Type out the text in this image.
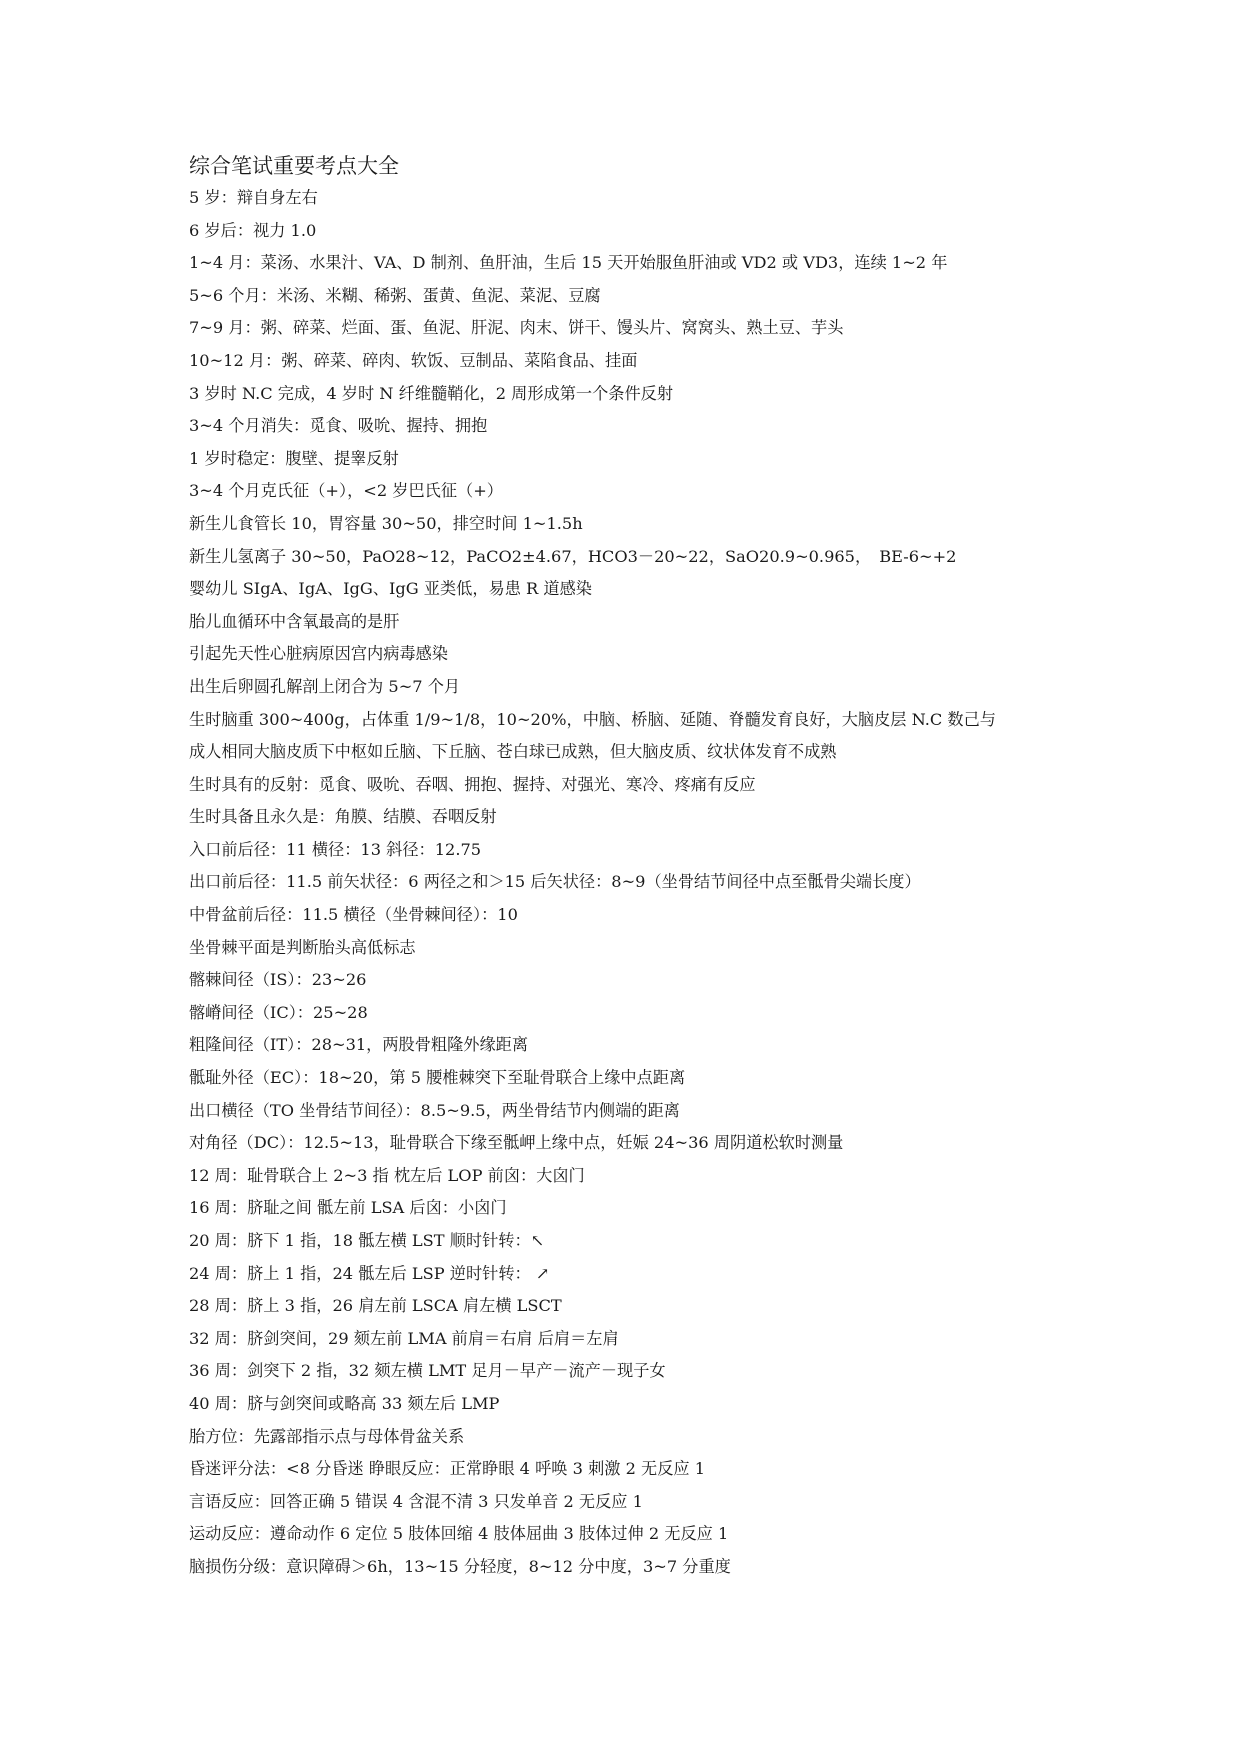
综合笔试重要考点大全
5 岁：辩自身左右
6 岁后：视力 1.0
1~4 月：菜汤、水果汁、VA、D 制剂、鱼肝油，生后 15 天开始服鱼肝油或 VD2 或 VD3，连续 1~2 年
5~6 个月：米汤、米糊、稀粥、蛋黄、鱼泥、菜泥、豆腐
7~9 月：粥、碎菜、烂面、蛋、鱼泥、肝泥、肉末、饼干、馒头片、窝窝头、熟土豆、芋头
10~12 月：粥、碎菜、碎肉、软饭、豆制品、菜陷食品、挂面
3 岁时 N.C 完成，4 岁时 N 纤维髓鞘化，2 周形成第一个条件反射
3~4 个月消失：觅食、吸吮、握持、拥抱
1 岁时稳定：腹壁、提睾反射
3~4 个月克氏征（+），<2 岁巴氏征（+）
新生儿食管长 10，胃容量 30~50，排空时间 1~1.5h
新生儿氢离子 30~50，PaO28~12，PaCO2±4.67，HCO3－20~22，SaO20.9~0.965，　BE-6~+2
婴幼儿 SIgA、IgA、IgG、IgG 亚类低，易患 R 道感染
胎儿血循环中含氧最高的是肝
引起先天性心脏病原因宫内病毒感染
出生后卵圆孔解剖上闭合为 5~7 个月
生时脑重 300~400g，占体重 1/9~1/8，10~20%，中脑、桥脑、延随、脊髓发育良好，大脑皮层 N.C 数己与
成人相同大脑皮质下中枢如丘脑、下丘脑、苍白球已成熟，但大脑皮质、纹状体发育不成熟
生时具有的反射：觅食、吸吮、吞咽、拥抱、握持、对强光、寒冷、疼痛有反应
生时具备且永久是：角膜、结膜、吞咽反射
入口前后径：11 横径：13 斜径：12.75
出口前后径：11.5 前矢状径：6 两径之和＞15 后矢状径：8~9（坐骨结节间径中点至骶骨尖端长度）
中骨盆前后径：11.5 横径（坐骨棘间径）：10
坐骨棘平面是判断胎头高低标志
髂棘间径（IS）：23~26
髂嵴间径（IC）：25~28
粗隆间径（IT）：28~31，两股骨粗隆外缘距离
骶耻外径（EC）：18~20，第 5 腰椎棘突下至耻骨联合上缘中点距离
出口横径（TO 坐骨结节间径）：8.5~9.5，两坐骨结节内侧端的距离
对角径（DC）：12.5~13，耻骨联合下缘至骶岬上缘中点，妊娠 24~36 周阴道松软时测量
12 周：耻骨联合上 2~3 指 枕左后 LOP 前囟：大囟门
16 周：脐耻之间 骶左前 LSA 后囟：小囟门
20 周：脐下 1 指，18 骶左横 LST 顺时针转：↖
24 周：脐上 1 指，24 骶左后 LSP 逆时针转： ↗
28 周：脐上 3 指，26 肩左前 LSCA 肩左横 LSCT
32 周：脐剑突间，29 颏左前 LMA 前肩＝右肩 后肩＝左肩
36 周：剑突下 2 指，32 颏左横 LMT 足月－早产－流产－现子女
40 周：脐与剑突间或略高 33 颏左后 LMP
胎方位：先露部指示点与母体骨盆关系
昏迷评分法：<8 分昏迷 睁眼反应：正常睁眼 4 呼唤 3 刺激 2 无反应 1
言语反应：回答正确 5 错误 4 含混不清 3 只发单音 2 无反应 1
运动反应：遵命动作 6 定位 5 肢体回缩 4 肢体屈曲 3 肢体过伸 2 无反应 1
脑损伤分级：意识障碍＞6h，13~15 分轻度，8~12 分中度，3~7 分重度
